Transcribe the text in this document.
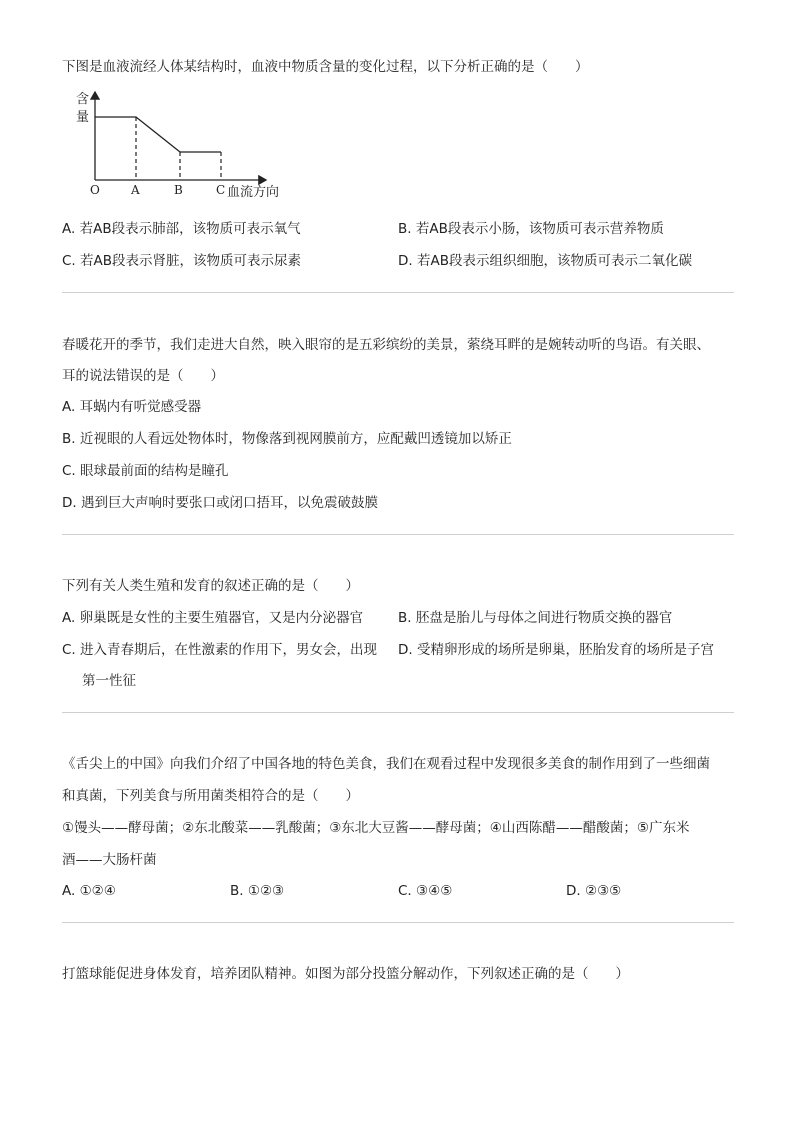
下图是血液流经人体某结构时，血液中物质含量的变化过程，以下分析正确的是（　　）
含
量
O	A	B	C 血流方向
A. 若AB段表示肺部，该物质可表示氧气	B. 若AB段表示小肠，该物质可表示营养物质
C. 若AB段表示肾脏，该物质可表示尿素	D. 若AB段表示组织细胞，该物质可表示二氧化碳
春暖花开的季节，我们走进大自然，映入眼帘的是五彩缤纷的美景，萦绕耳畔的是婉转动听的鸟语。有关眼、
耳的说法错误的是（　　）
A. 耳蜗内有听觉感受器
B. 近视眼的人看远处物体时，物像落到视网膜前方，应配戴凹透镜加以矫正
C. 眼球最前面的结构是瞳孔
D. 遇到巨大声响时要张口或闭口捂耳，以免震破鼓膜
下列有关人类生殖和发育的叙述正确的是（　　）
A. 卵巢既是女性的主要生殖器官，又是内分泌器官	B. 胚盘是胎儿与母体之间进行物质交换的器官
C. 进入青春期后，在性激素的作用下，男女会，出现
第一性征
D. 受精卵形成的场所是卵巢，胚胎发育的场所是子宫
《舌尖上的中国》向我们介绍了中国各地的特色美食，我们在观看过程中发现很多美食的制作用到了一些细菌
和真菌，下列美食与所用菌类相符合的是（　　）
①馒头——酵母菌；②东北酸菜——乳酸菌；③东北大豆酱——酵母菌；④山西陈醋——醋酸菌；⑤广东米
酒——大肠杆菌
A. ①②④	B. ①②③	C. ③④⑤	D. ②③⑤
打篮球能促进身体发育，培养团队精神。如图为部分投篮分解动作，下列叙述正确的是（　　）
